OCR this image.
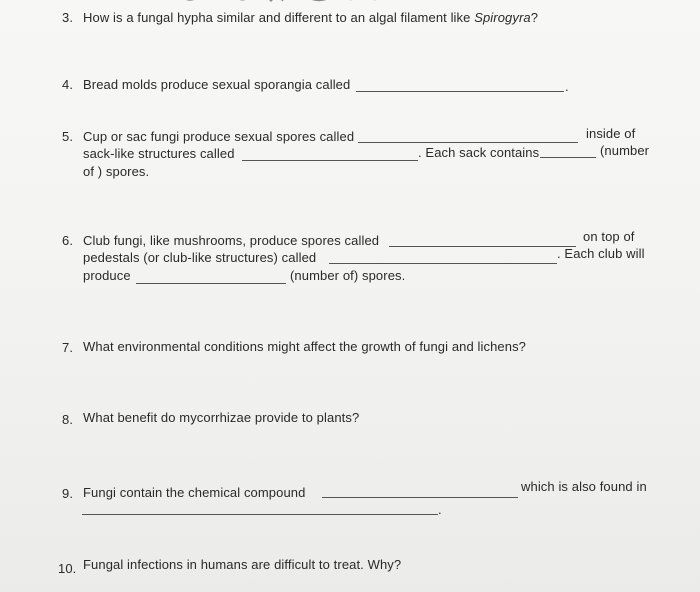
3. How is a fungal hypha similar and different to an algal filament like Spirogyra?
4. Bread molds produce sexual sporangia called	.
5. Cup or sac fungi produce sexual spores called	inside of
sack-like structures called	. Each sack contains	(number
of ) spores.
6. Club fungi, like mushrooms, produce spores called	on top of
pedestals (or club-like structures) called	. Each club will
produce	(number of) spores.
7. What environmental conditions might affect the growth of fungi and lichens?
8. What benefit do mycorrhizae provide to plants?
9. Fungi contain the chemical compound	which is also found in
.
10. Fungal infections in humans are difficult to treat. Why?
